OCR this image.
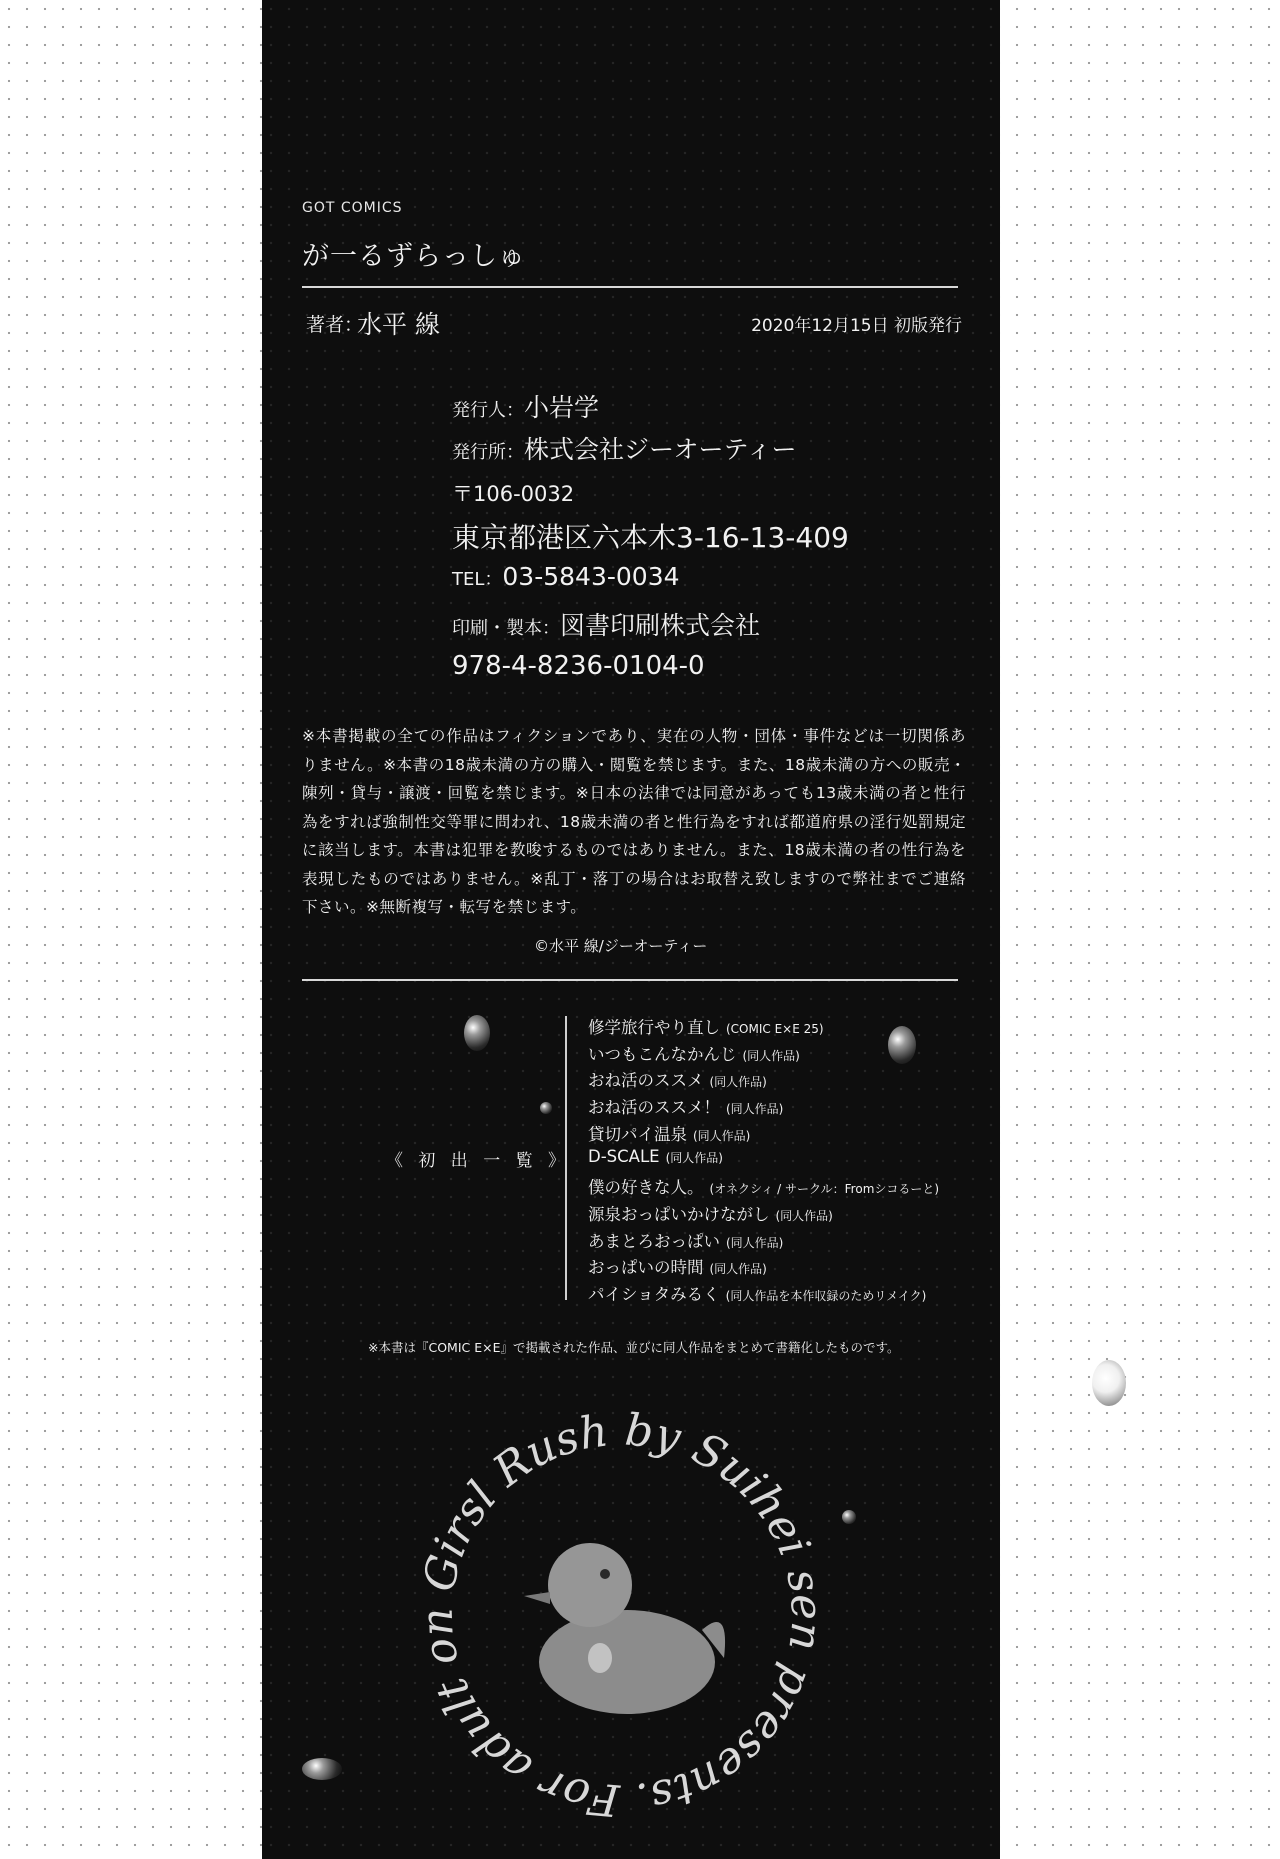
GOT COMICS
が一るずらっしゅ
著者：
水平 線	2020年12月15日 初版発行
発行人：小岩学
発行所：株式会社ジーオーティー
〒106-0032
東京都港区六本木3-16-13-409
TEL：03-5843-0034
印刷・製本：図書印刷株式会社
978-4-8236-0104-0
※本書掲載の全ての作品はフィクションであり、実在の人物・団体・事件などは一切関係ありません。※本書の18歳未満の方の購入・閲覧を禁じます。また、18歳未満の方への販売・陳列・貸与・譲渡・回覧を禁じます。※日本の法律では同意があっても13歳未満の者と性行為をすれば強制性交等罪に問われ、18歳未満の者と性行為をすれば都道府県の淫行処罰規定に該当します。本書は犯罪を教唆するものではありません。また、18歳未満の者の性行為を表現したものではありません。※乱丁・落丁の場合はお取替え致しますので弊社までご連絡下さい。※無断複写・転写を禁じます。
©水平 線/ジーオーティー
《 初 出 一 覧 》
修学旅行やり直し (COMIC E×E 25)
いつもこんなかんじ (同人作品)
おね活のススメ (同人作品)
おね活のススメ！ (同人作品)
貸切パイ温泉 (同人作品)
D-SCALE (同人作品)
僕の好きな人。 (オネクシィ / サークル：Fromシコるーと)
源泉おっぱいかけながし (同人作品)
あまとろおっぱい (同人作品)
おっぱいの時間 (同人作品)
パイショタみるく (同人作品を本作収録のためリメイク)
※本書は『COMIC E×E』で掲載された作品、並びに同人作品をまとめて書籍化したものです。
Girsl Rush by Suihei sen presents. For adult on
